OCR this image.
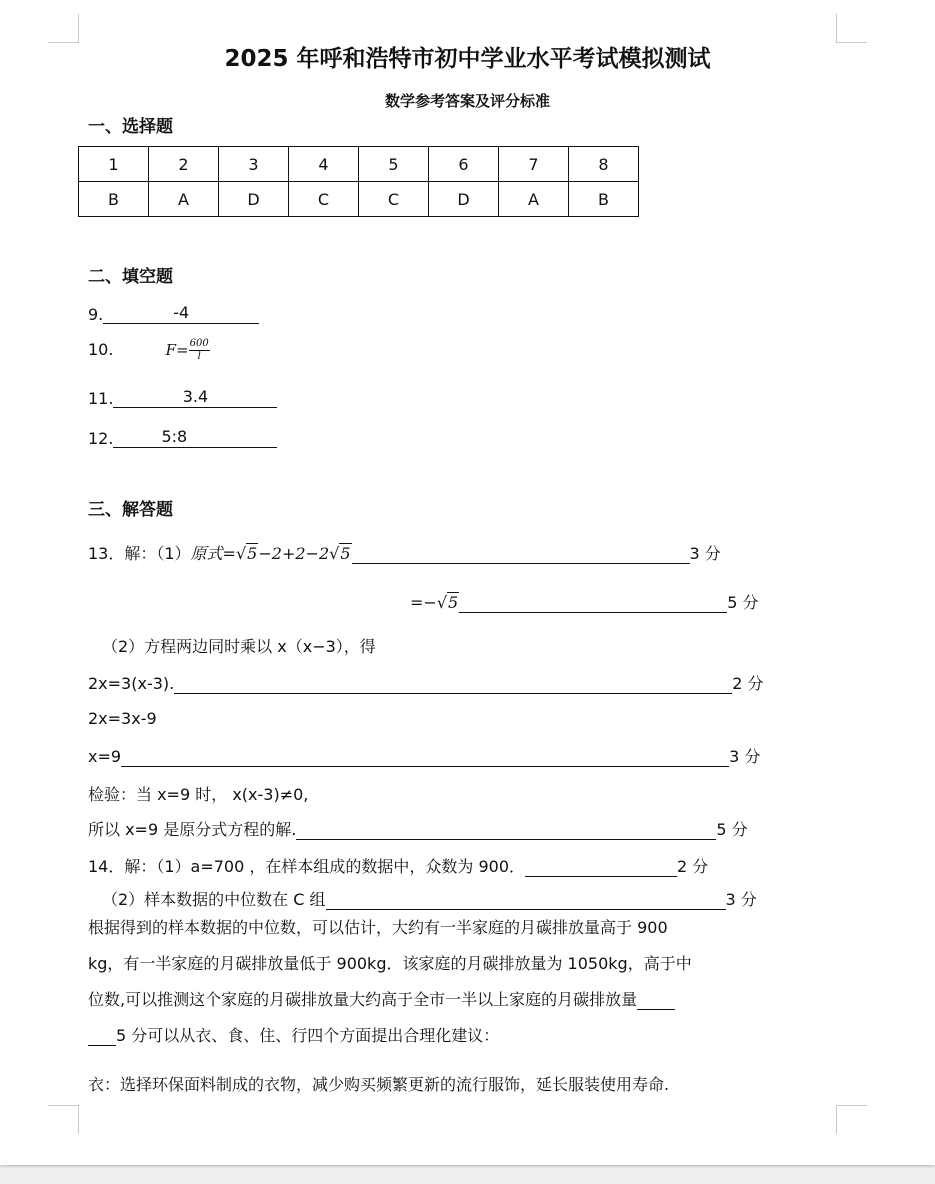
2025 年呼和浩特市初中学业水平考试模拟测试
数学参考答案及评分标准
一、选择题
1	2	3	4	5	6	7	8
B	A	D	C	C	D	A	B
二、填空题
9.	-4
10.	$F= \frac{600}{l}$
11.	3.4
12.	5:8
三、解答题
13．解：（1）原式=√5−2+2−2√5	3 分
=−√5	5 分
（2）方程两边同时乘以 x（x−3），得
2x=3(x-3).	2 分
2x=3x-9
x=9	3 分
检验：当 x=9 时， x(x-3)≠0,
所以 x=9 是原分式方程的解.	5 分
14．解：（1）a=700 ，在样本组成的数据中，众数为 900．	2 分
（2）样本数据的中位数在 C 组	3 分
根据得到的样本数据的中位数，可以估计，大约有一半家庭的月碳排放量高于 900
kg，有一半家庭的月碳排放量低于 900kg．该家庭的月碳排放量为 1050kg，高于中
位数,可以推测这个家庭的月碳排放量大约高于全市一半以上家庭的月碳排放量
5 分可以从衣、食、住、行四个方面提出合理化建议：
衣：选择环保面料制成的衣物，减少购买频繁更新的流行服饰，延长服装使用寿命.
